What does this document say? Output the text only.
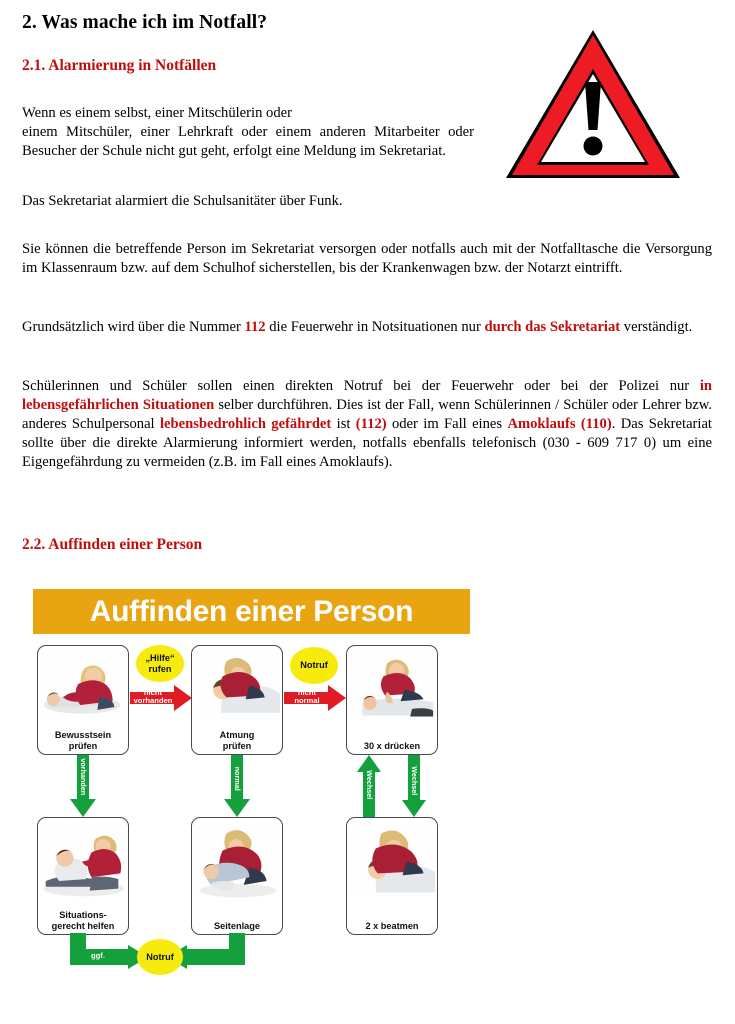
2. Was mache ich im Notfall?
2.1. Alarmierung in Notfällen

Wenn es einem selbst, einer Mitschülerin oder

einem Mitschüler, einer Lehrkraft oder einem anderen Mitarbeiter oder Besucher der Schule nicht gut geht, erfolgt eine Meldung im Sekretariat.

Das Sekretariat alarmiert die Schulsanitäter über Funk.

Sie können die betreffende Person im Sekretariat versorgen oder notfalls auch mit der Notfalltasche die Versorgung im Klassenraum bzw. auf dem Schulhof sicherstellen, bis der Krankenwagen bzw. der Notarzt eintrifft.

Grundsätzlich wird über die Nummer 112 die Feuerwehr in Notsituationen nur durch das Sekretariat verständigt.

Schülerinnen und Schüler sollen einen direkten Notruf bei der Feuerwehr oder bei der Polizei nur in lebensgefährlichen Situationen selber durchführen. Dies ist der Fall, wenn Schülerinnen / Schüler oder Lehrer bzw. anderes Schulpersonal lebensbedrohlich gefährdet ist (112) oder im Fall eines Amoklaufs (110). Das Sekretariat sollte über die direkte Alarmierung informiert werden, notfalls ebenfalls telefonisch (030 - 609 717 0) um eine Eigengefährdung zu vermeiden (z.B. im Fall eines Amoklaufs).

2.2. Auffinden einer Person
Auffinden einer Person
Bewusstsein
prüfen
Atmung
prüfen	30 x drücken
nicht
vorhanden
nicht
normal
„Hilfe“
rufen	Notruf
vorhanden	normal	Wechsel	Wechsel
Situations-
gerecht helfen	Seitenlage	2 x beatmen
ggf.	Notruf
